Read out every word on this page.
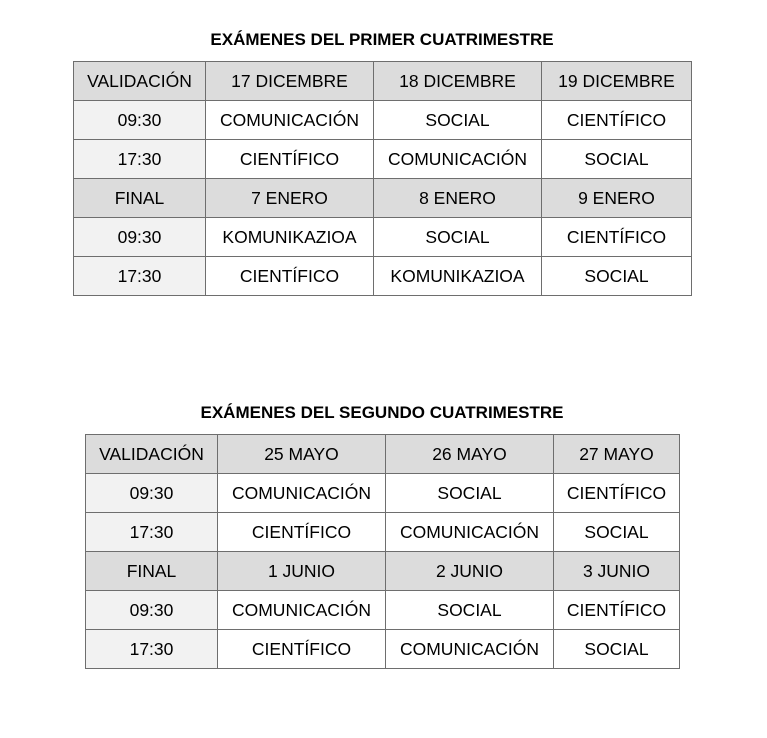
EXÁMENES DEL PRIMER CUATRIMESTRE
VALIDACIÓN	17 DICEMBRE	18 DICEMBRE	19 DICEMBRE
09:30	COMUNICACIÓN	SOCIAL	CIENTÍFICO
17:30	CIENTÍFICO	COMUNICACIÓN	SOCIAL
FINAL	7 ENERO	8 ENERO	9 ENERO
09:30	KOMUNIKAZIOA	SOCIAL	CIENTÍFICO
17:30	CIENTÍFICO	KOMUNIKAZIOA	SOCIAL
EXÁMENES DEL SEGUNDO CUATRIMESTRE
VALIDACIÓN	25 MAYO	26 MAYO	27 MAYO
09:30	COMUNICACIÓN	SOCIAL	CIENTÍFICO
17:30	CIENTÍFICO	COMUNICACIÓN	SOCIAL
FINAL	1 JUNIO	2 JUNIO	3 JUNIO
09:30	COMUNICACIÓN	SOCIAL	CIENTÍFICO
17:30	CIENTÍFICO	COMUNICACIÓN	SOCIAL
